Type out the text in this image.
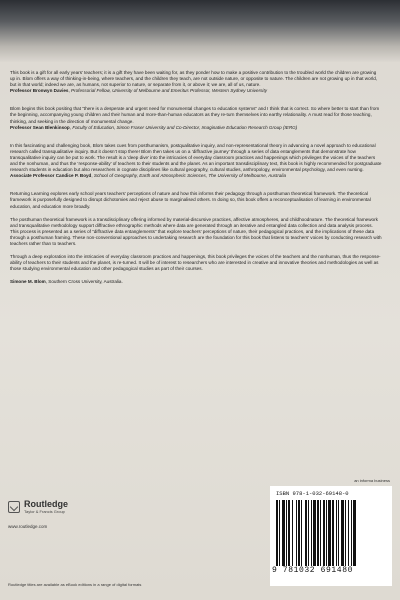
This book is a gift for all early years’ teachers; it is a gift they have been waiting for, as they ponder how to make a positive contribution to the troubled world the children are growing up in. Blom offers a way of thinking-in-being, where teachers, and the children they teach, are not outside nature, or opposite to nature. The children are not growing up in that world, but in that world; indeed we are, as humans, not superior to nature, or separate from it, or above it; we are, all of us, nature.
Professor Bronwyn Davies, Professorial Fellow, University of Melbourne and Emeritus Professor, Western Sydney University
Blom begins this book positing that “there is a desperate and urgent need for monumental changes to education systems” and I think that is correct. So where better to start than from the beginning, accompanying young children and their human and more-than-human educators as they re-turn themselves into earthy relationality. A must read for those teaching, thinking, and seeking in the direction of monumental change.
Professor Sean Blenkinsop, Faculty of Education, Simon Fraser University and Co-Director, Imaginative Education Research Group (IERG)
In this fascinating and challenging book, Blom takes cues from posthumanism, postqualitative inquiry, and non-representational theory in advancing a novel approach to educational research called transqualitative inquiry. But it doesn’t stop there! Blom then takes us on a ‘diffractive journey’ through a series of data entanglements that demonstrate how transqualitative inquiry can be put to work. The result is a ‘deep dive’ into the intricacies of everyday classroom practices and happenings which privileges the voices of the teachers and the nonhuman, and thus the ‘response-ability’ of teachers to their students and the planet. As an important transdisciplinary text, this book is highly recommended for postgraduate research students in education but also researchers in cognate disciplines like cultural geography, cultural studies, anthropology, environmental psychology, and even nursing.
Associate Professor Candice P. Boyd, School of Geography, Earth and Atmospheric Sciences, The University of Melbourne, Australia

Returning Learning explores early school years teachers’ perceptions of nature and how this informs their pedagogy through a posthuman theoretical framework. The theoretical framework is purposefully designed to disrupt dichotomies and reject abuse to marginalised others. In doing so, this book offers a reconceptualisation of learning in environmental education, and education more broadly.

The posthuman theoretical framework is a transdisciplinary offering informed by material-discursive practices, affective atmospheres, and childhoodnature. The theoretical framework and transqualitative methodology support diffractive ethnographic methods where data are generated through an iterative and entangled data collection and data analysis process. This process is presented as a series of “diffractive data entanglements” that explore teachers’ perceptions of nature, their pedagogical practices, and the implications of these data through a posthuman framing. These non-conventional approaches to undertaking research are the foundation for this book that listens to teachers’ voices by conducting research with teachers rather than to teachers.

Through a deep exploration into the intricacies of everyday classroom practices and happenings, this book privileges the voices of the teachers and the nonhuman, thus the response-ability of teachers to their students and the planet, is re-turned. It will be of interest to researchers who are interested in creative and innovative theories and methodologies as well as those studying environmental education and other pedagogical studies as part of their courses.

Simone M. Blom, Southern Cross University, Australia.

Routledge
Taylor & Francis Group
www.routledge.com
Routledge titles are available as eBook editions in a range of digital formats
an informa business
ISBN 978-1-032-69148-0
9 781032 691480
